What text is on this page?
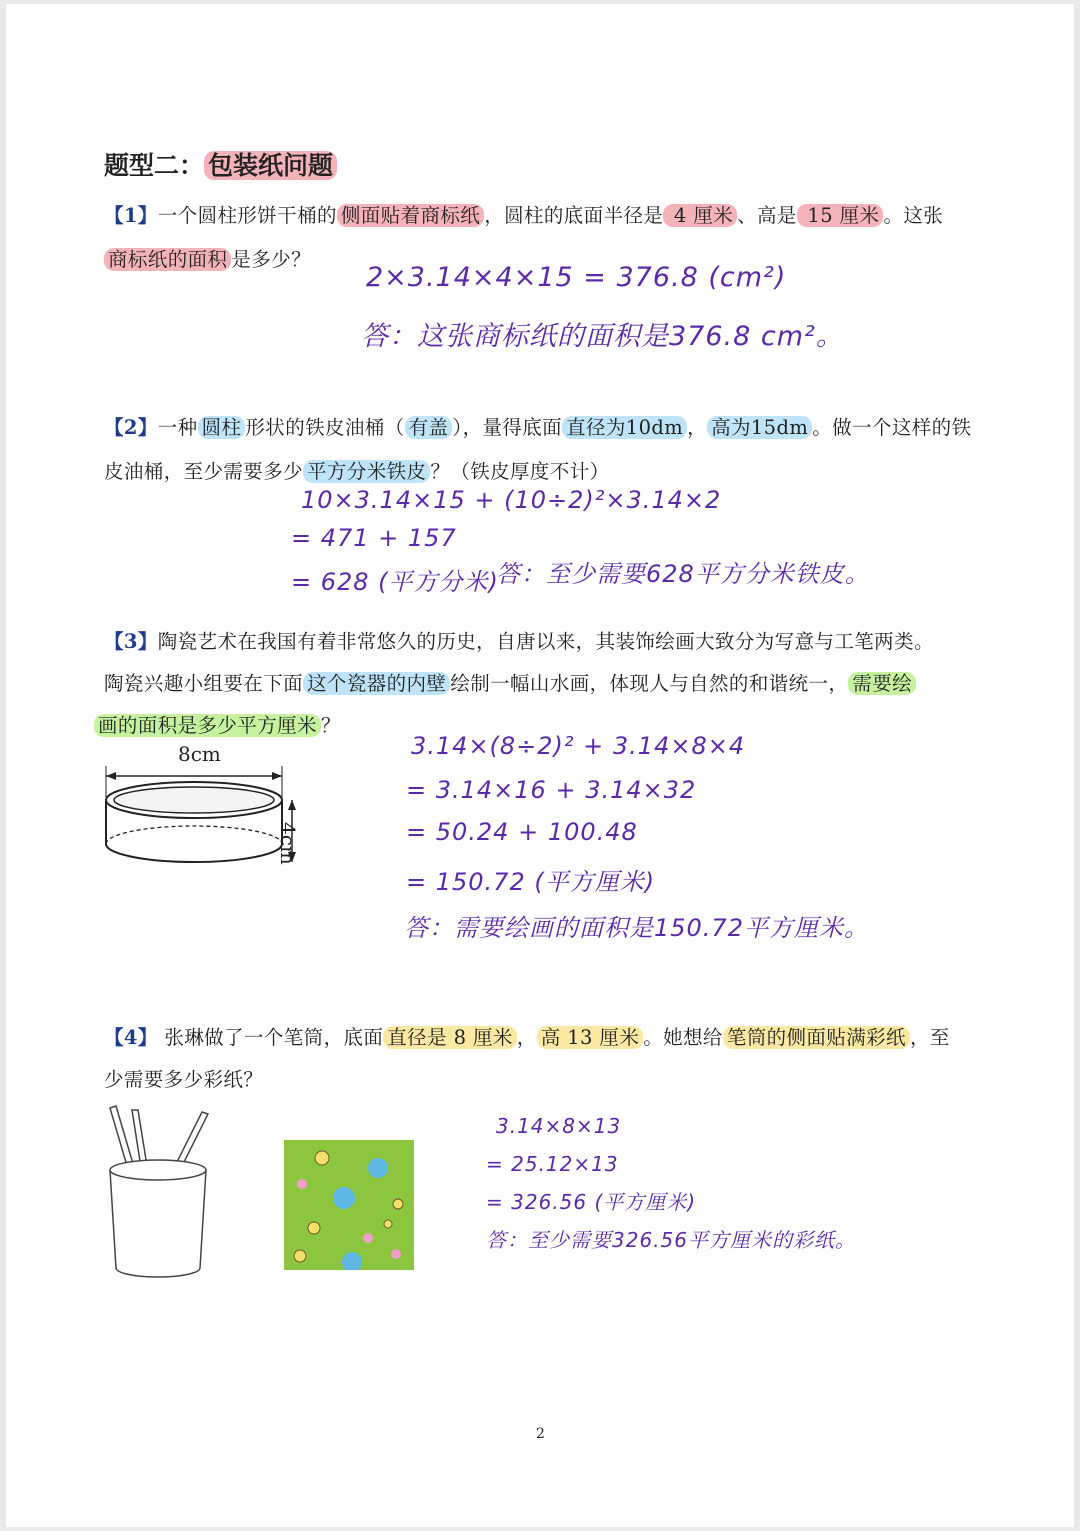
题型二： 包装纸问题
【1】一个圆柱形饼干桶的 侧面贴着商标纸 ，圆柱的底面半径是 4 厘米 、高是 15 厘米 。这张
商标纸的面积 是多少？
2×3.14×4×15 = 376.8 (cm²)
答：这张商标纸的面积是376.8 cm²。
【2】一种 圆柱 形状的铁皮油桶（ 有盖 ），量得底面 直径为10dm ， 高为15dm 。做一个这样的铁
皮油桶，至少需要多少 平方分米铁皮 ？（铁皮厚度不计）
10×3.14×15 + (10÷2)²×3.14×2
= 471 + 157
= 628 (平方分米)
答：至少需要628平方分米铁皮。
【3】陶瓷艺术在我国有着非常悠久的历史，自唐以来，其装饰绘画大致分为写意与工笔两类。
陶瓷兴趣小组要在下面 这个瓷器的内壁 绘制一幅山水画，体现人与自然的和谐统一， 需要绘
画的面积是多少平方厘米 ？
8cm
4cm
3.14×(8÷2)² + 3.14×8×4
= 3.14×16 + 3.14×32
= 50.24 + 100.48
= 150.72 (平方厘米)
答：需要绘画的面积是150.72平方厘米。
【4】 张琳做了一个笔筒，底面 直径是 8 厘米 ， 高 13 厘米 。她想给 笔筒的侧面贴满彩纸 ，至
少需要多少彩纸？
3.14×8×13
= 25.12×13
= 326.56 (平方厘米)
答：至少需要326.56平方厘米的彩纸。
2
